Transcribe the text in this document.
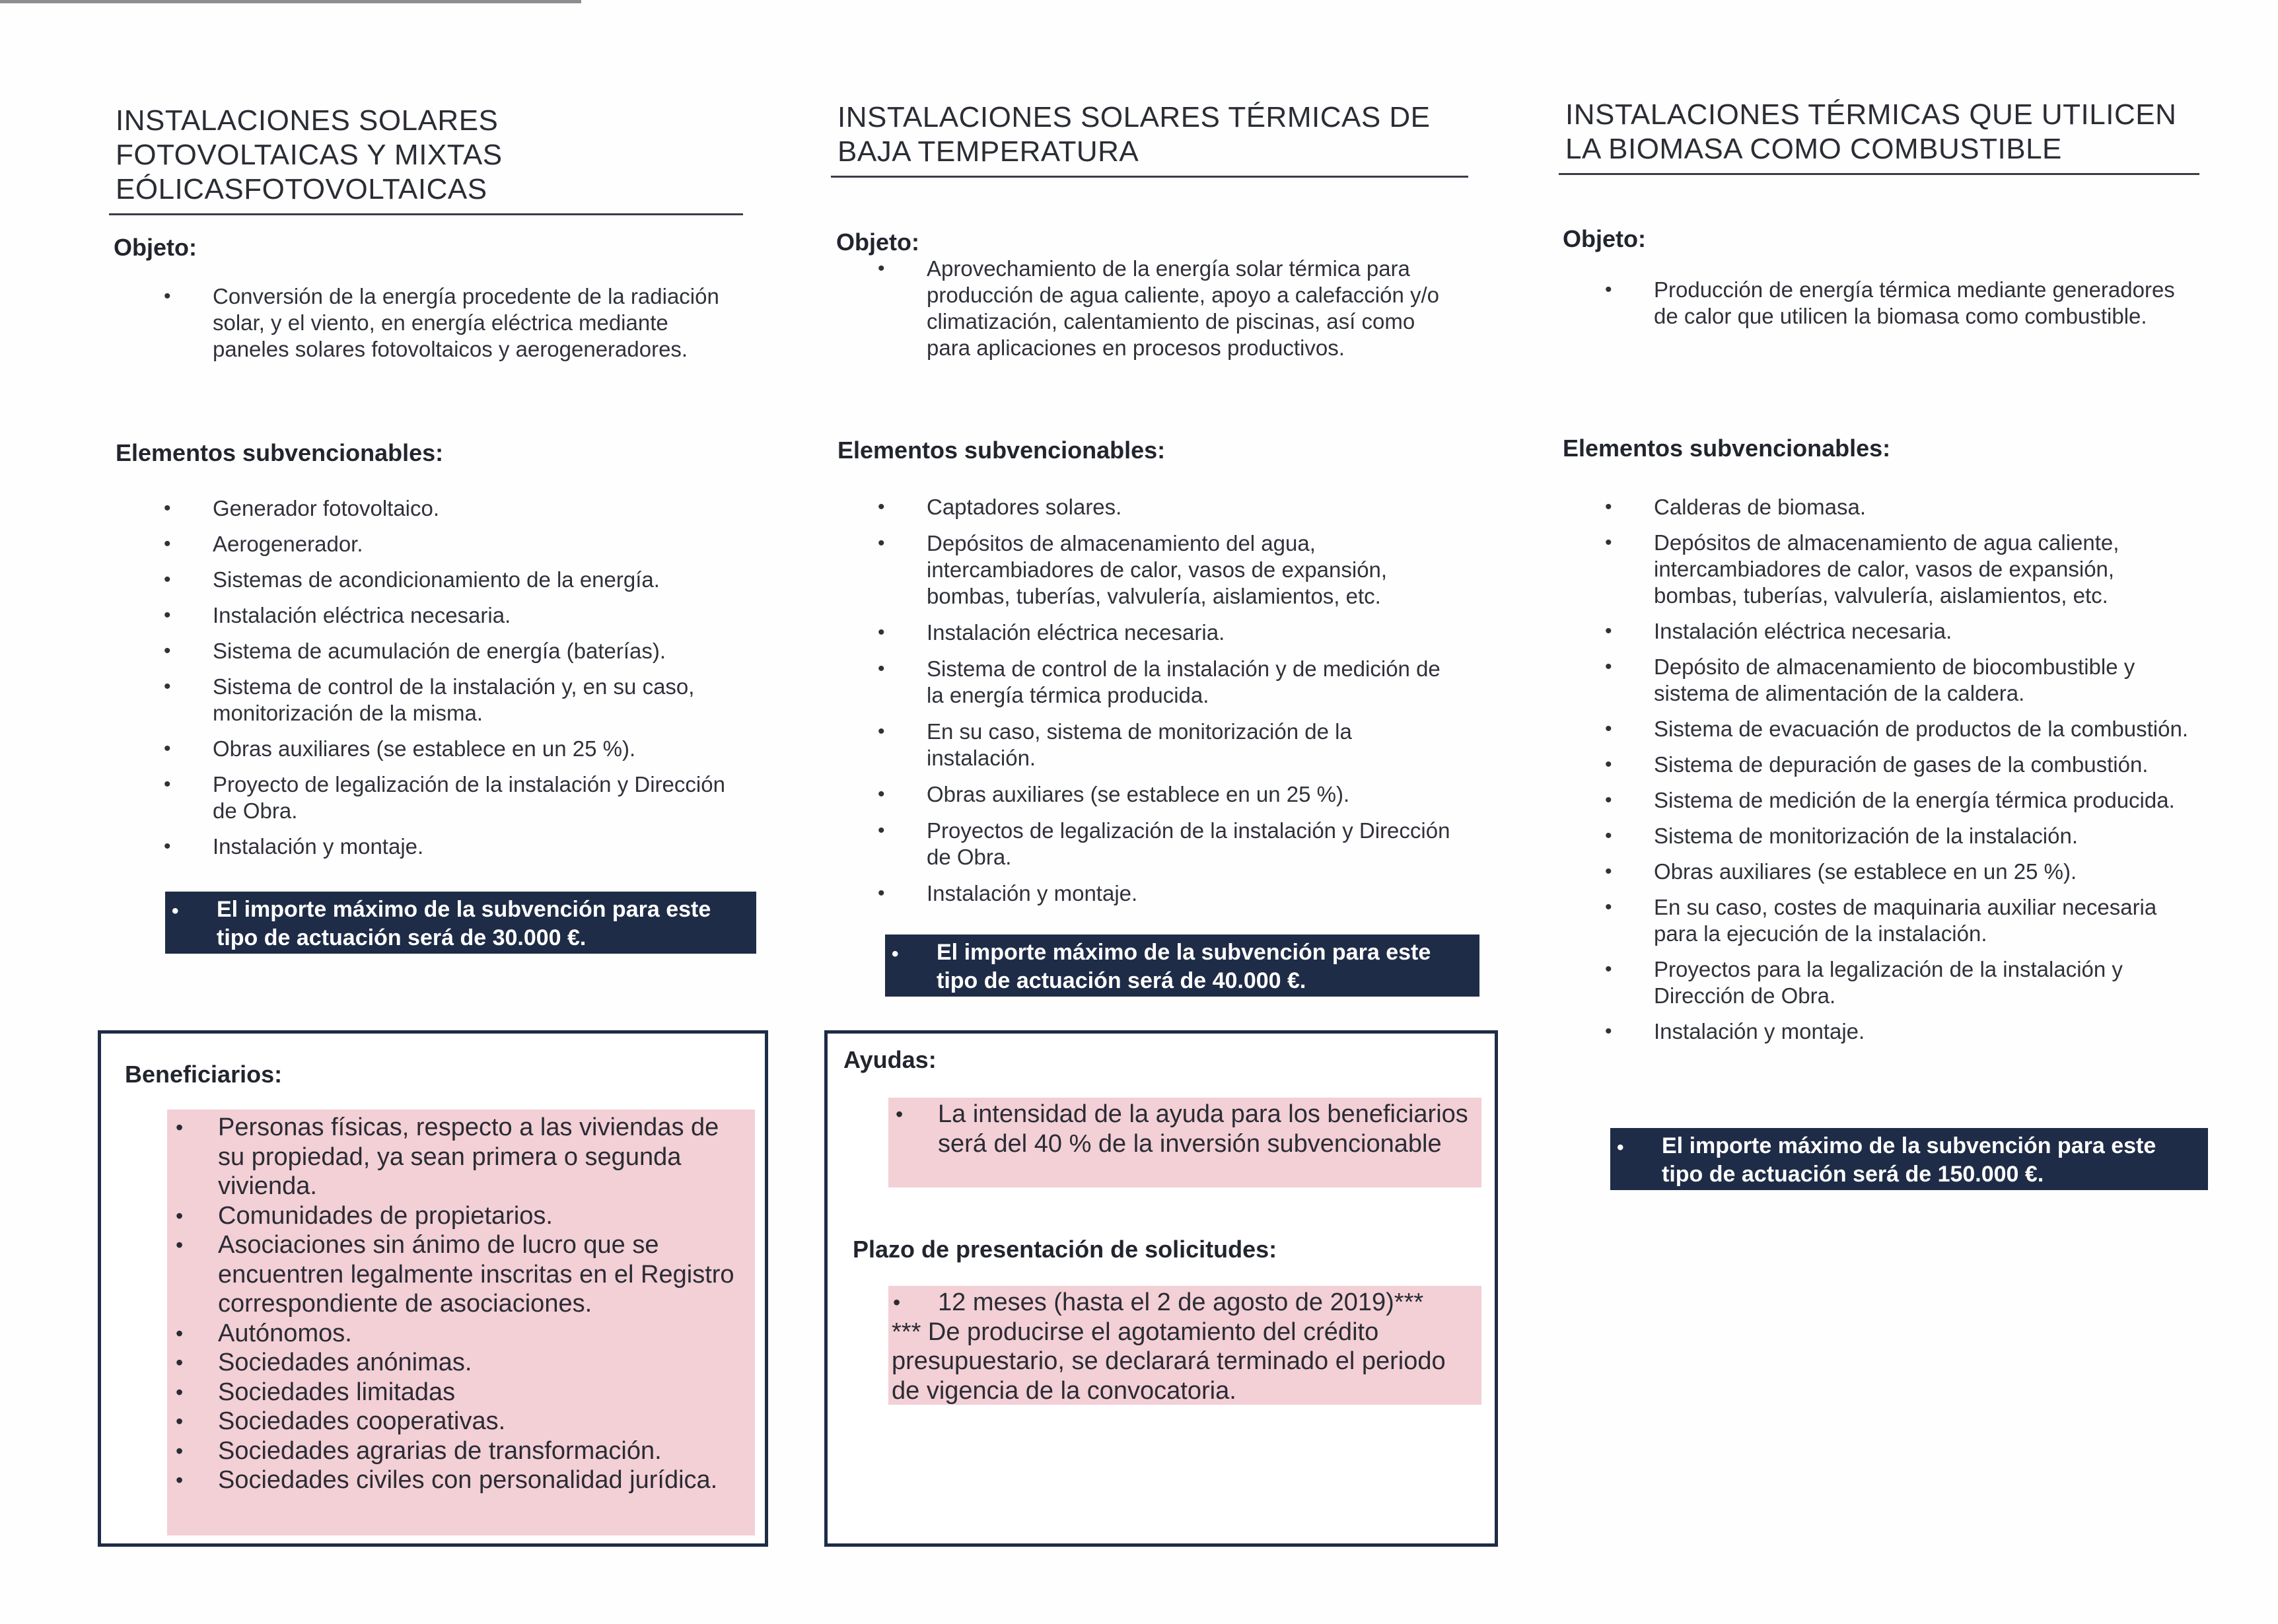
INSTALACIONES SOLARES FOTOVOLTAICAS Y MIXTAS EÓLICASFOTOVOLTAICAS
Objeto:
• Conversión de la energía procedente de la radiación solar, y el viento, en energía eléctrica mediante paneles solares fotovoltaicos y aerogeneradores.
Elementos subvencionables:
• Generador fotovoltaico.
• Aerogenerador.
• Sistemas de acondicionamiento de la energía.
• Instalación eléctrica necesaria.
• Sistema de acumulación de energía (baterías).
• Sistema de control de la instalación y, en su caso, monitorización de la misma.
• Obras auxiliares (se establece en un 25 %).
• Proyecto de legalización de la instalación y Dirección de Obra.
• Instalación y montaje.
• El importe máximo de la subvención para este tipo de actuación será de 30.000 €.
INSTALACIONES SOLARES TÉRMICAS DE BAJA TEMPERATURA
Objeto:
• Aprovechamiento de la energía solar térmica para producción de agua caliente, apoyo a calefacción y/o climatización, calentamiento de piscinas, así como para aplicaciones en procesos productivos.
Elementos subvencionables:
• Captadores solares.
• Depósitos de almacenamiento del agua, intercambiadores de calor, vasos de expansión, bombas, tuberías, valvulería, aislamientos, etc.
• Instalación eléctrica necesaria.
• Sistema de control de la instalación y de medición de la energía térmica producida.
• En su caso, sistema de monitorización de la instalación.
• Obras auxiliares (se establece en un 25 %).
• Proyectos de legalización de la instalación y Dirección de Obra.
• Instalación y montaje.
• El importe máximo de la subvención para este tipo de actuación será de 40.000 €.
INSTALACIONES TÉRMICAS QUE UTILICEN LA BIOMASA COMO COMBUSTIBLE
Objeto:
• Producción de energía térmica mediante generadores de calor que utilicen la biomasa como combustible.
Elementos subvencionables:
• Calderas de biomasa.
• Depósitos de almacenamiento de agua caliente, intercambiadores de calor, vasos de expansión, bombas, tuberías, valvulería, aislamientos, etc.
• Instalación eléctrica necesaria.
• Depósito de almacenamiento de biocombustible y sistema de alimentación de la caldera.
• Sistema de evacuación de productos de la combustión.
• Sistema de depuración de gases de la combustión.
• Sistema de medición de la energía térmica producida.
• Sistema de monitorización de la instalación.
• Obras auxiliares (se establece en un 25 %).
• En su caso, costes de maquinaria auxiliar necesaria para la ejecución de la instalación.
• Proyectos para la legalización de la instalación y Dirección de Obra.
• Instalación y montaje.
• El importe máximo de la subvención para este tipo de actuación será de 150.000 €.
Beneficiarios:
• Personas físicas, respecto a las viviendas de su propiedad, ya sean primera o segunda vivienda.
• Comunidades de propietarios.
• Asociaciones sin ánimo de lucro que se encuentren legalmente inscritas en el Registro correspondiente de asociaciones.
• Autónomos.
• Sociedades anónimas.
• Sociedades limitadas
• Sociedades cooperativas.
• Sociedades agrarias de transformación.
• Sociedades civiles con personalidad jurídica.
Ayudas:
• La intensidad de la ayuda para los beneficiarios será del 40 % de la inversión subvencionable
Plazo de presentación de solicitudes:
• 12 meses (hasta el 2 de agosto de 2019)***
*** De producirse el agotamiento del crédito presupuestario, se declarará terminado el periodo de vigencia de la convocatoria.
